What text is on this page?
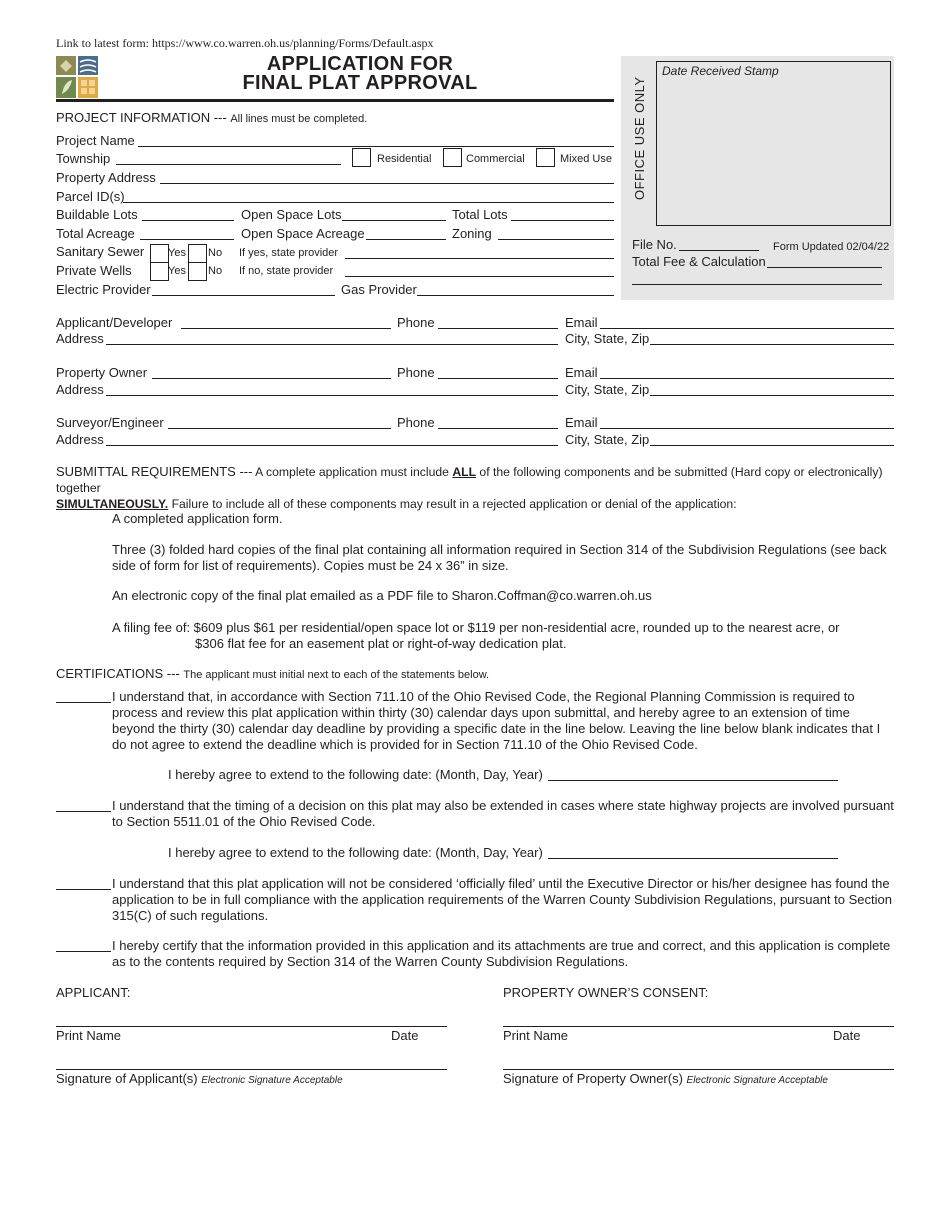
Link to latest form: https://www.co.warren.oh.us/planning/Forms/Default.aspx
APPLICATION FOR
FINAL PLAT APPROVAL	OFFICE USE ONLY
Date Received Stamp
File No.	Form Updated 02/04/22
Total Fee & Calculation
PROJECT INFORMATION --- All lines must be completed.
Project Name
Township	Residential	Commercial	Mixed Use
Property Address
Parcel ID(s)
Buildable Lots	Open Space Lots	Total Lots
Total Acreage	Open Space Acreage	Zoning
Sanitary Sewer Yes No If yes, state provider
Private Wells	Yes No If no, state provider
Electric Provider	Gas Provider
Applicant/Developer	Phone	Email
Address	City, State, Zip
Property Owner	Phone	Email
Address	City, State, Zip
Surveyor/Engineer	Phone	Email
Address	City, State, Zip
SUBMITTAL REQUIREMENTS --- A complete application must include ALL of the following components and be submitted (Hard copy or electronically) together
SIMULTANEOUSLY. Failure to include all of these components may result in a rejected application or denial of the application:
A completed application form.
Three (3) folded hard copies of the final plat containing all information required in Section 314 of the Subdivision Regulations (see back side of form for list of requirements). Copies must be 24 x 36” in size.
An electronic copy of the final plat emailed as a PDF file to Sharon.Coffman@co.warren.oh.us
A filing fee of: $609 plus $61 per residential/open space lot or $119 per non-residential acre, rounded up to the nearest acre, or
$306 flat fee for an easement plat or right-of-way dedication plat.
CERTIFICATIONS --- The applicant must initial next to each of the statements below.
I understand that, in accordance with Section 711.10 of the Ohio Revised Code, the Regional Planning Commission is required to process and review this plat application within thirty (30) calendar days upon submittal, and hereby agree to an extension of time beyond the thirty (30) calendar day deadline by providing a specific date in the line below. Leaving the line below blank indicates that I do not agree to extend the deadline which is provided for in Section 711.10 of the Ohio Revised Code.
I hereby agree to extend to the following date: (Month, Day, Year)
I understand that the timing of a decision on this plat may also be extended in cases where state highway projects are involved pursuant to Section 5511.01 of the Ohio Revised Code.
I hereby agree to extend to the following date: (Month, Day, Year)
I understand that this plat application will not be considered ‘officially filed’ until the Executive Director or his/her designee has found the application to be in full compliance with the application requirements of the Warren County Subdivision Regulations, pursuant to Section 315(C) of such regulations.
I hereby certify that the information provided in this application and its attachments are true and correct, and this application is complete as to the contents required by Section 314 of the Warren County Subdivision Regulations.
APPLICANT:	PROPERTY OWNER’S CONSENT:
Print Name	Date	Print Name	Date
Signature of Applicant(s) Electronic Signature Acceptable	Signature of Property Owner(s) Electronic Signature Acceptable
